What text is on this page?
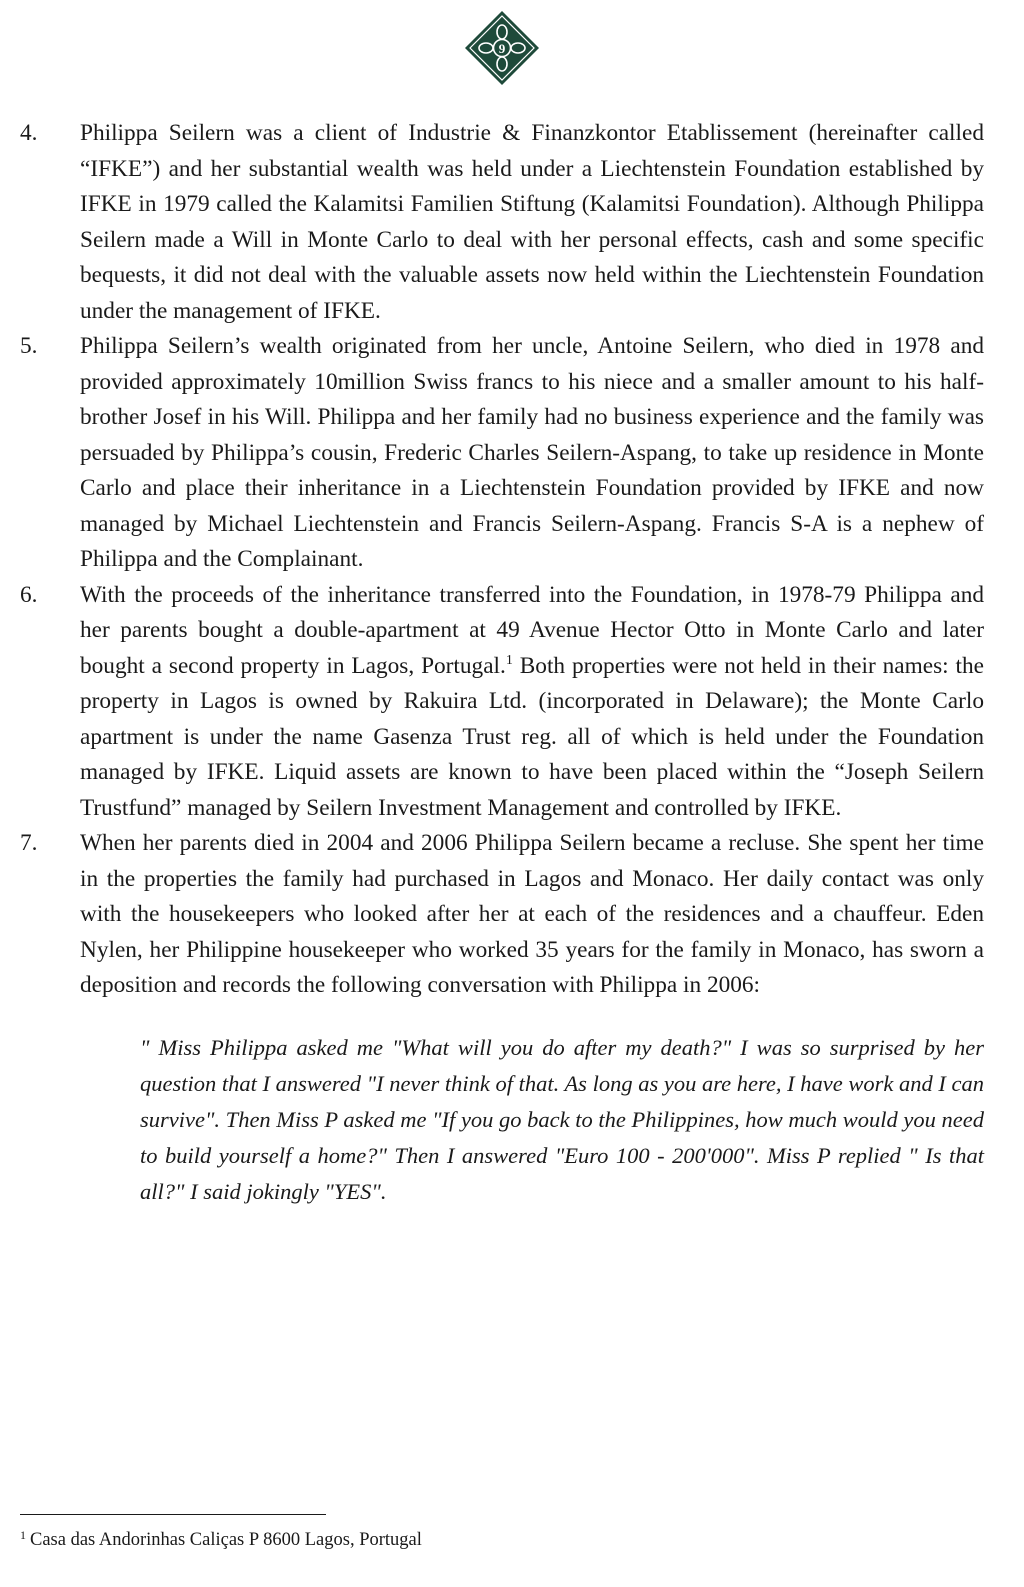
9
4. Philippa Seilern was a client of Industrie & Finanzkontor Etablissement (hereinafter called “IFKE”) and her substantial wealth was held under a Liechtenstein Foundation established by IFKE in 1979 called the Kalamitsi Familien Stiftung (Kalamitsi Foundation). Although Philippa Seilern made a Will in Monte Carlo to deal with her personal effects, cash and some specific bequests, it did not deal with the valuable assets now held within the Liechtenstein Foundation under the management of IFKE.
5. Philippa Seilern’s wealth originated from her uncle, Antoine Seilern, who died in 1978 and provided approximately 10million Swiss francs to his niece and a smaller amount to his half-brother Josef in his Will. Philippa and her family had no business experience and the family was persuaded by Philippa’s cousin, Frederic Charles Seilern-Aspang, to take up residence in Monte Carlo and place their inheritance in a Liechtenstein Foundation provided by IFKE and now managed by Michael Liechtenstein and Francis Seilern-Aspang. Francis S-A is a nephew of Philippa and the Complainant.
6. With the proceeds of the inheritance transferred into the Foundation, in 1978-79 Philippa and her parents bought a double-apartment at 49 Avenue Hector Otto in Monte Carlo and later bought a second property in Lagos, Portugal.$^1$ Both properties were not held in their names: the property in Lagos is owned by Rakuira Ltd. (incorporated in Delaware); the Monte Carlo apartment is under the name Gasenza Trust reg. all of which is held under the Foundation managed by IFKE. Liquid assets are known to have been placed within the “Joseph Seilern Trustfund” managed by Seilern Investment Management and controlled by IFKE.
7. When her parents died in 2004 and 2006 Philippa Seilern became a recluse. She spent her time in the properties the family had purchased in Lagos and Monaco. Her daily contact was only with the housekeepers who looked after her at each of the residences and a chauffeur. Eden Nylen, her Philippine housekeeper who worked 35 years for the family in Monaco, has sworn a deposition and records the following conversation with Philippa in 2006:
" Miss Philippa asked me "What will you do after my death?" I was so surprised by her question that I answered "I never think of that. As long as you are here, I have work and I can survive". Then Miss P asked me "If you go back to the Philippines, how much would you need to build yourself a home?" Then I answered "Euro 100 - 200'000". Miss P replied " Is that all?" I said jokingly "YES".
$^1$ Casa das Andorinhas Caliças P 8600 Lagos, Portugal
